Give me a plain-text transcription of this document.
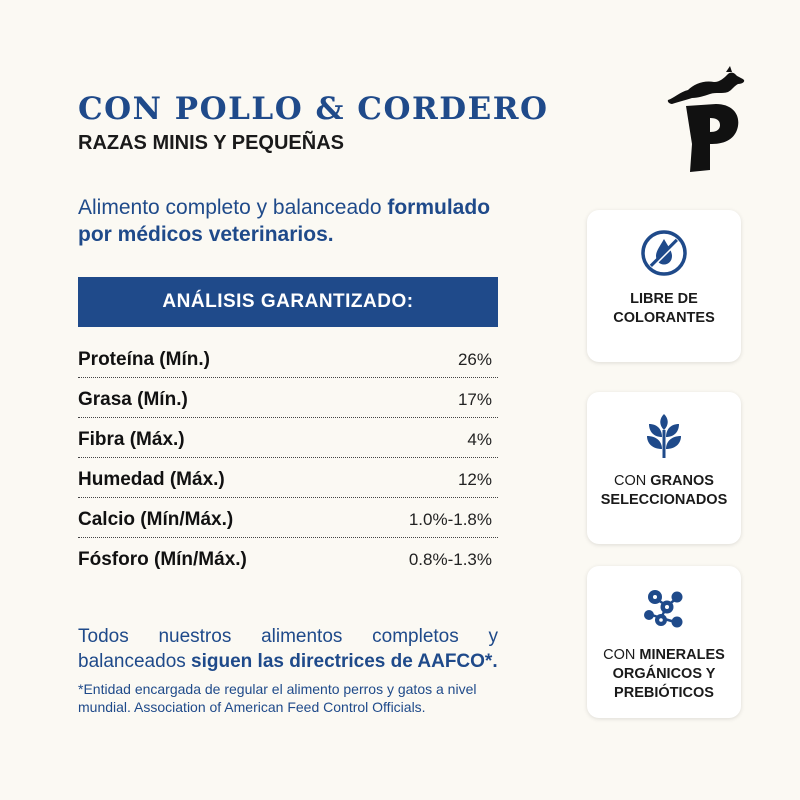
CON POLLO & CORDERO
RAZAS MINIS Y PEQUEÑAS
Alimento completo y balanceado formulado por médicos veterinarios.
ANÁLISIS GARANTIZADO:
Proteína (Mín.)	26%
Grasa (Mín.)	17%
Fibra (Máx.)	4%
Humedad (Máx.)	12%
Calcio (Mín/Máx.)	1.0%-1.8%
Fósforo (Mín/Máx.)	0.8%-1.3%
Todos nuestros alimentos completos y balanceados siguen las directrices de AAFCO*.
*Entidad encargada de regular el alimento perros y gatos a nivel mundial. Association of American Feed Control Officials.
LIBRE DE
COLORANTES
CON GRANOS
SELECCIONADOS
CON MINERALES
ORGÁNICOS Y
PREBIÓTICOS
